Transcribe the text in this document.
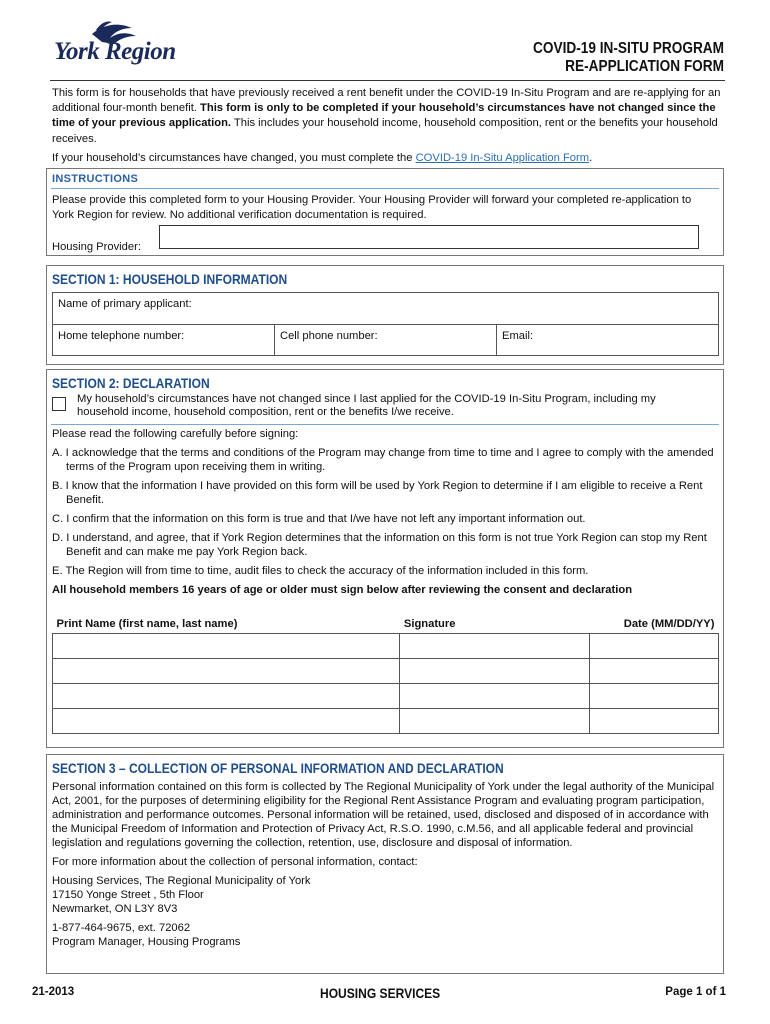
York Region	COVID-19 IN-SITU PROGRAM
RE-APPLICATION FORM

This form is for households that have previously received a rent benefit under the COVID-19 In-Situ Program and are re-applying for an additional four-month benefit. This form is only to be completed if your household’s circumstances have not changed since the time of your previous application. This includes your household income, household composition, rent or the benefits your household receives.

If your household’s circumstances have changed, you must complete the COVID-19 In-Situ Application Form.

INSTRUCTIONS
Please provide this completed form to your Housing Provider. Your Housing Provider will forward your completed re-application to York Region for review. No additional verification documentation is required.
Housing Provider:
SECTION 1: HOUSEHOLD INFORMATION
Name of primary applicant:
Home telephone number:	Cell phone number:	Email:
SECTION 2: DECLARATION
My household’s circumstances have not changed since I last applied for the COVID-19 In-Situ Program, including my household income, household composition, rent or the benefits I/we receive.

Please read the following carefully before signing:

A. I acknowledge that the terms and conditions of the Program may change from time to time and I agree to comply with the amended terms of the Program upon receiving them in writing.

B. I know that the information I have provided on this form will be used by York Region to determine if I am eligible to receive a Rent Benefit.

C. I confirm that the information on this form is true and that I/we have not left any important information out.

D. I understand, and agree, that if York Region determines that the information on this form is not true York Region can stop my Rent Benefit and can make me pay York Region back.

E. The Region will from time to time, audit files to check the accuracy of the information included in this form.

All household members 16 years of age or older must sign below after reviewing the consent and declaration

Print Name (first name, last name)	Signature	Date (MM/DD/YY)

SECTION 3 – COLLECTION OF PERSONAL INFORMATION AND DECLARATION

Personal information contained on this form is collected by The Regional Municipality of York under the legal authority of the Municipal Act, 2001, for the purposes of determining eligibility for the Regional Rent Assistance Program and evaluating program participation, administration and performance outcomes. Personal information will be retained, used, disclosed and disposed of in accordance with the Municipal Freedom of Information and Protection of Privacy Act, R.S.O. 1990, c.M.56, and all applicable federal and provincial legislation and regulations governing the collection, retention, use, disclosure and disposal of information.

For more information about the collection of personal information, contact:

Housing Services, The Regional Municipality of York
17150 Yonge Street , 5th Floor
Newmarket, ON L3Y 8V3

1-877-464-9675, ext. 72062
Program Manager, Housing Programs

21-2013	HOUSING SERVICES	Page 1 of 1
